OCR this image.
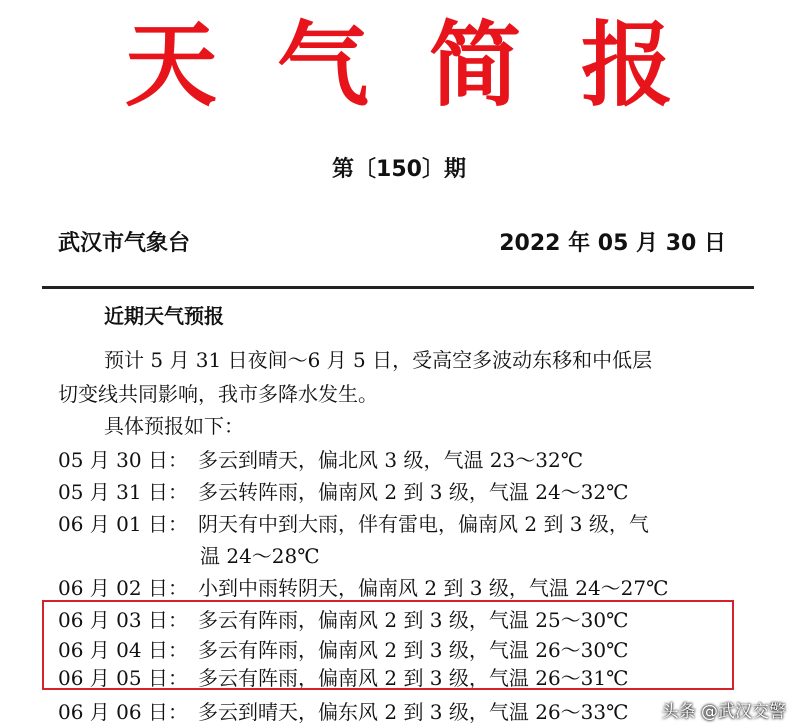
天 气 简 报
第〔150〕期
武汉市气象台	2022 年 05 月 30 日
近期天气预报
预计 5 月 31 日夜间～6 月 5 日，受高空多波动东移和中低层
切变线共同影响，我市多降水发生。
具体预报如下：
05 月 30 日： 多云到晴天，偏北风 3 级，气温 23～32℃
05 月 31 日： 多云转阵雨，偏南风 2 到 3 级，气温 24～32℃
06 月 01 日： 阴天有中到大雨，伴有雷电，偏南风 2 到 3 级，气
温 24～28℃
06 月 02 日： 小到中雨转阴天，偏南风 2 到 3 级，气温 24～27℃
06 月 03 日： 多云有阵雨，偏南风 2 到 3 级，气温 25～30℃
06 月 04 日： 多云有阵雨，偏南风 2 到 3 级，气温 26～30℃
06 月 05 日： 多云有阵雨，偏南风 2 到 3 级，气温 26～31℃
06 月 06 日： 多云到晴天，偏东风 2 到 3 级，气温 26～33℃ 头条 @武汉交警
